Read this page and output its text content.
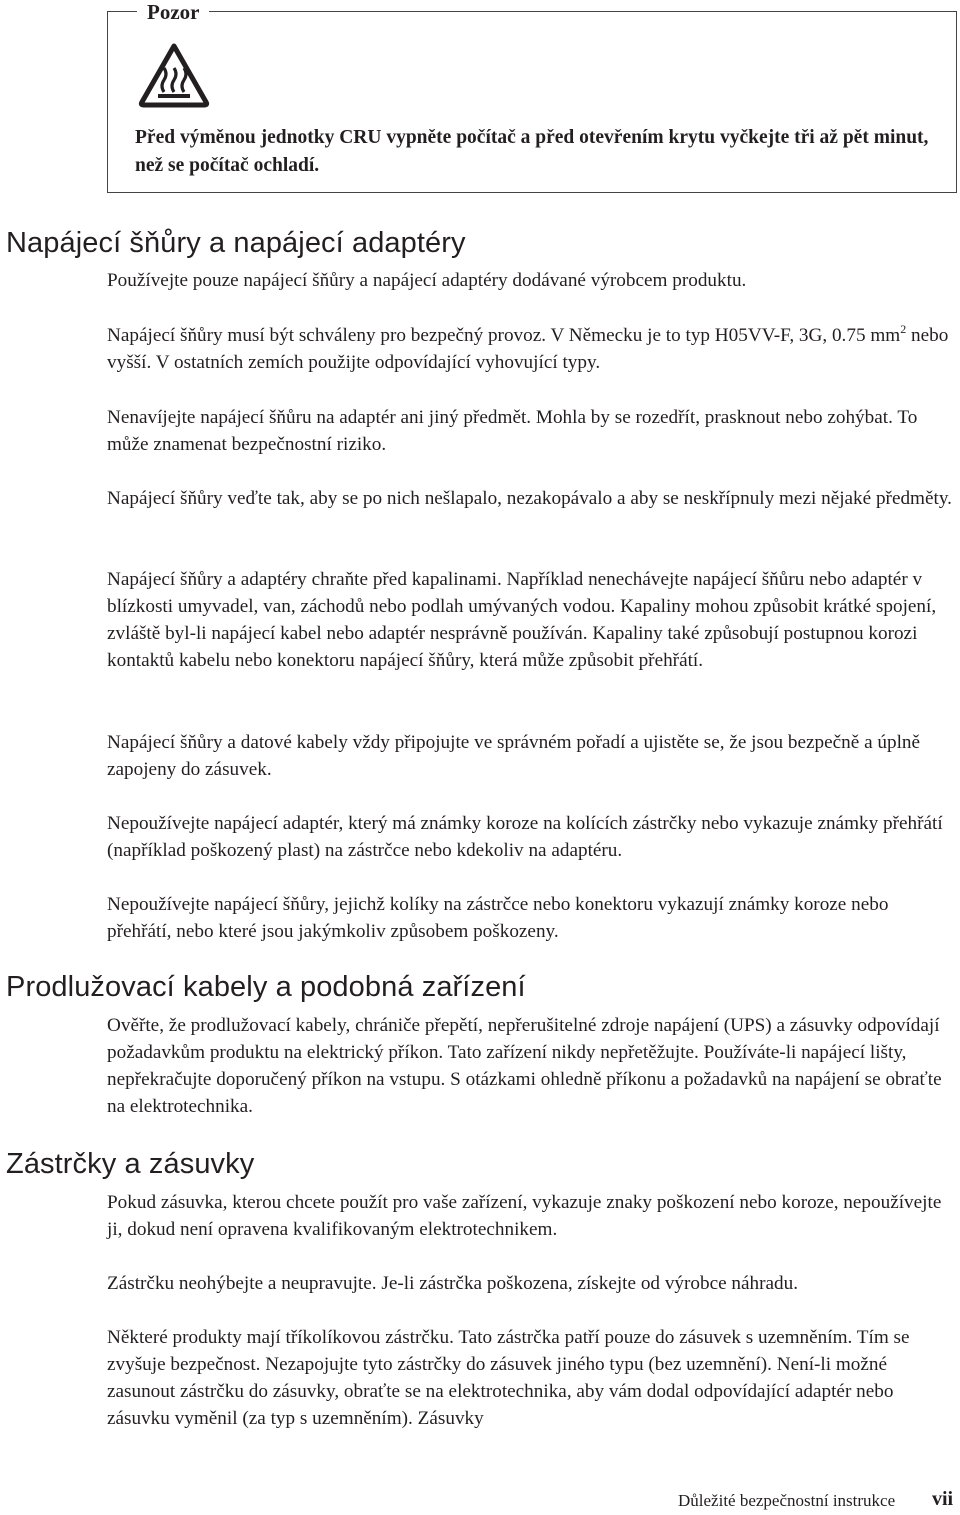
Pozor
Před výměnou jednotky CRU vypněte počítač a před otevřením krytu vyčkejte tři až pět minut, než se počítač ochladí.
Napájecí šňůry a napájecí adaptéry

Používejte pouze napájecí šňůry a napájecí adaptéry dodávané výrobcem produktu.

Napájecí šňůry musí být schváleny pro bezpečný provoz. V Německu je to typ H05VV-F, 3G, 0.75 $mm^2$ nebo vyšší. V ostatních zemích použijte odpovídající vyhovující typy.

Nenavíjejte napájecí šňůru na adaptér ani jiný předmět. Mohla by se rozedřít, prasknout nebo zohýbat. To může znamenat bezpečnostní riziko.

Napájecí šňůry veďte tak, aby se po nich nešlapalo, nezakopávalo a aby se neskřípnuly mezi nějaké předměty.

Napájecí šňůry a adaptéry chraňte před kapalinami. Například nenechávejte napájecí šňůru nebo adaptér v blízkosti umyvadel, van, záchodů nebo podlah umývaných vodou. Kapaliny mohou způsobit krátké spojení, zvláště byl-li napájecí kabel nebo adaptér nesprávně používán. Kapaliny také způsobují postupnou korozi kontaktů kabelu nebo konektoru napájecí šňůry, která může způsobit přehřátí.

Napájecí šňůry a datové kabely vždy připojujte ve správném pořadí a ujistěte se, že jsou bezpečně a úplně zapojeny do zásuvek.

Nepoužívejte napájecí adaptér, který má známky koroze na kolících zástrčky nebo vykazuje známky přehřátí (například poškozený plast) na zástrčce nebo kdekoliv na adaptéru.

Nepoužívejte napájecí šňůry, jejichž kolíky na zástrčce nebo konektoru vykazují známky koroze nebo přehřátí, nebo které jsou jakýmkoliv způsobem poškozeny.

Prodlužovací kabely a podobná zařízení

Ověřte, že prodlužovací kabely, chrániče přepětí, nepřerušitelné zdroje napájení (UPS) a zásuvky odpovídají požadavkům produktu na elektrický příkon. Tato zařízení nikdy nepřetěžujte. Používáte-li napájecí lišty, nepřekračujte doporučený příkon na vstupu. S otázkami ohledně příkonu a požadavků na napájení se obraťte na elektrotechnika.

Zástrčky a zásuvky

Pokud zásuvka, kterou chcete použít pro vaše zařízení, vykazuje znaky poškození nebo koroze, nepoužívejte ji, dokud není opravena kvalifikovaným elektrotechnikem.

Zástrčku neohýbejte a neupravujte. Je-li zástrčka poškozena, získejte od výrobce náhradu.

Některé produkty mají tříkolíkovou zástrčku. Tato zástrčka patří pouze do zásuvek s uzemněním. Tím se zvyšuje bezpečnost. Nezapojujte tyto zástrčky do zásuvek jiného typu (bez uzemnění). Není-li možné zasunout zástrčku do zásuvky, obraťte se na elektrotechnika, aby vám dodal odpovídající adaptér nebo zásuvku vyměnil (za typ s uzemněním). Zásuvky

Důležité bezpečnostní instrukce vii
